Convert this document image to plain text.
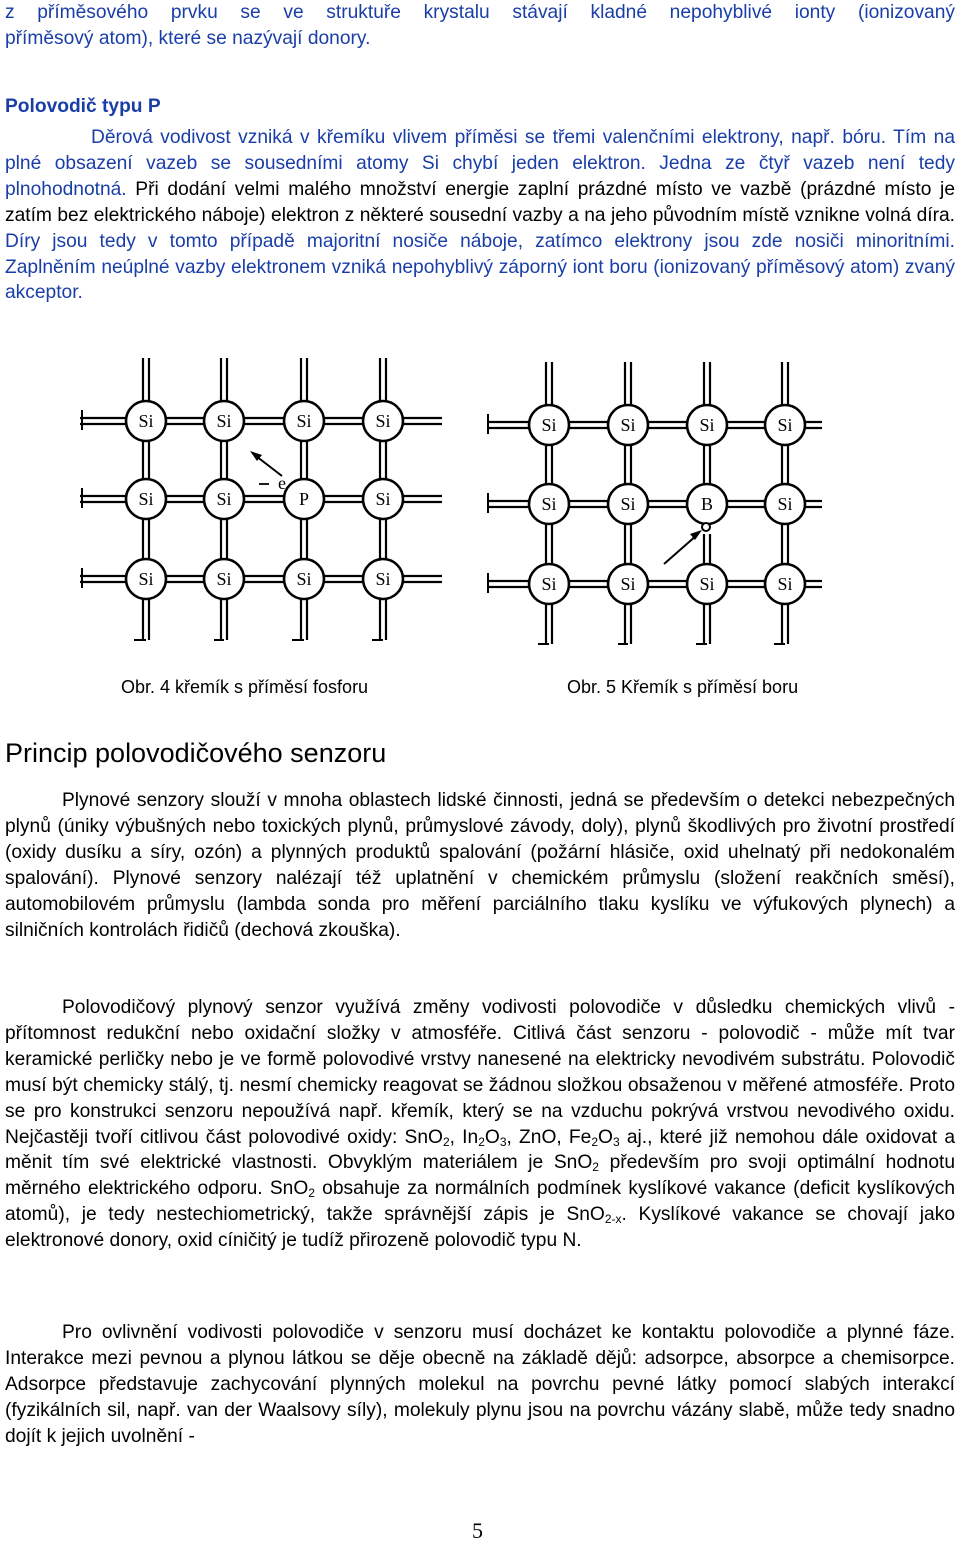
z příměsového prvku se ve struktuře krystalu stávají kladné nepohyblivé ionty (ionizovaný
příměsový atom), které se nazývají donory.
Polovodič typu P
Děrová vodivost vzniká v křemíku vlivem příměsi se třemi valenčními elektrony, např. bóru. Tím na plné obsazení vazeb se sousedními atomy Si chybí jeden elektron. Jedna ze čtyř vazeb není tedy plnohodnotná. Při dodání velmi malého množství energie zaplní prázdné místo ve vazbě (prázdné místo je zatím bez elektrického náboje) elektron z některé sousední vazby a na jeho původním místě vznikne volná díra. Díry jsou tedy v tomto případě majoritní nosiče náboje, zatímco elektrony jsou zde nosiči minoritními. Zaplněním neúplné vazby elektronem vzniká nepohyblivý záporný iont boru (ionizovaný příměsový atom) zvaný akceptor.
Si	Si	Si	Si
Si	Si	P	Si
Si	Si	Si	Si
e
Si	Si	Si	Si
Si	Si	B	Si
Si	Si	Si	Si
Obr. 4 křemík s příměsí fosforu	Obr. 5 Křemík s příměsí boru
Princip polovodičového senzoru
Plynové senzory slouží v mnoha oblastech lidské činnosti, jedná se především o detekci nebezpečných plynů (úniky výbušných nebo toxických plynů, průmyslové závody, doly), plynů škodlivých pro životní prostředí (oxidy dusíku a síry, ozón) a plynných produktů spalování (požární hlásiče, oxid uhelnatý při nedokonalém spalování). Plynové senzory nalézají též uplatnění v chemickém průmyslu (složení reakčních směsí), automobilovém průmyslu (lambda sonda pro měření parciálního tlaku kyslíku ve výfukových plynech) a silničních kontrolách řidičů (dechová zkouška).
Polovodičový plynový senzor využívá změny vodivosti polovodiče v důsledku chemických vlivů - přítomnost redukční nebo oxidační složky v atmosféře. Citlivá část senzoru - polovodič - může mít tvar keramické perličky nebo je ve formě polovodivé vrstvy nanesené na elektricky nevodivém substrátu. Polovodič musí být chemicky stálý, tj. nesmí chemicky reagovat se žádnou složkou obsaženou v měřené atmosféře. Proto se pro konstrukci senzoru nepoužívá např. křemík, který se na vzduchu pokrývá vrstvou nevodivého oxidu. Nejčastěji tvoří citlivou část polovodivé oxidy: SnO$_2$, $In_2O_3$, ZnO, $Fe_2O_3$ aj., které již nemohou dále oxidovat a měnit tím své elektrické vlastnosti. Obvyklým materiálem je SnO$_2$ především pro svoji optimální hodnotu měrného elektrického odporu. SnO$_2$ obsahuje za normálních podmínek kyslíkové vakance (deficit kyslíkových atomů), je tedy nestechiometrický, takže správnější zápis je SnO$_{2-x}$. Kyslíkové vakance se chovají jako elektronové donory, oxid cíničitý je tudíž přirozeně polovodič typu N.
Pro ovlivnění vodivosti polovodiče v senzoru musí docházet ke kontaktu polovodiče a plynné fáze. Interakce mezi pevnou a plynou látkou se děje obecně na základě dějů: adsorpce, absorpce a chemisorpce. Adsorpce představuje zachycování plynných molekul na povrchu pevné látky pomocí slabých interakcí (fyzikálních sil, např. van der Waalsovy síly), molekuly plynu jsou na povrchu vázány slabě, může tedy snadno dojít k jejich uvolnění -
5
